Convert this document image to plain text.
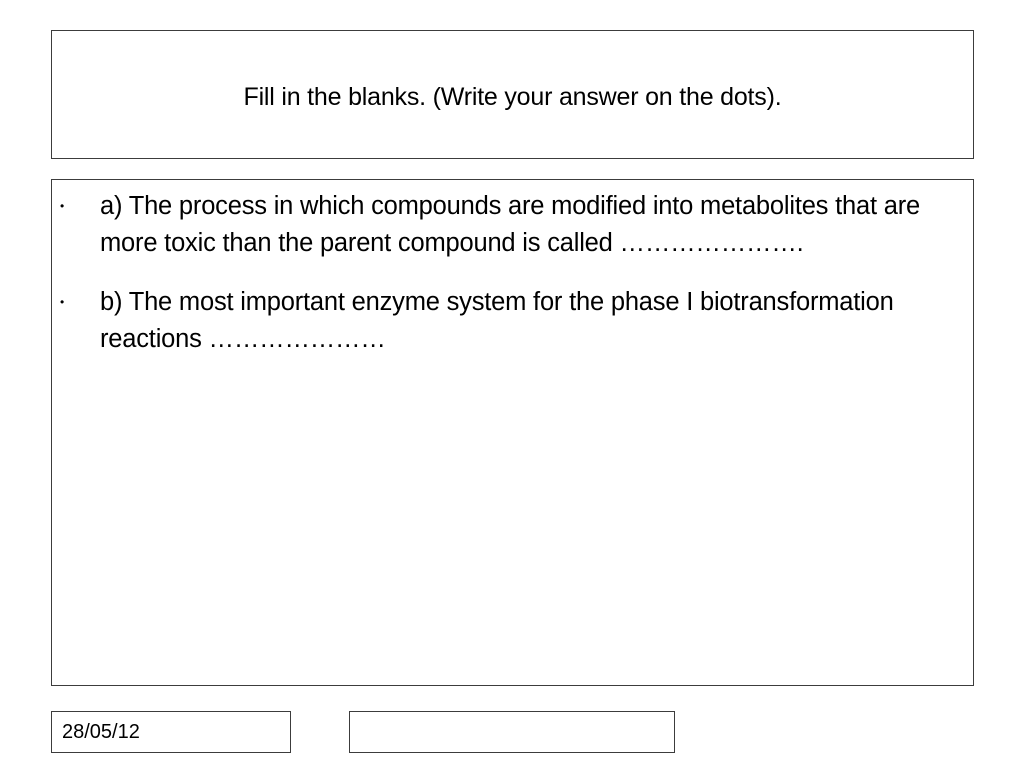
Fill in the blanks. (Write your answer on the dots).
• a) The process in which compounds are modified into metabolites that are more toxic than the parent compound is called ………………….
• b) The most important enzyme system for the phase I biotransformation reactions …………………
28/05/12
